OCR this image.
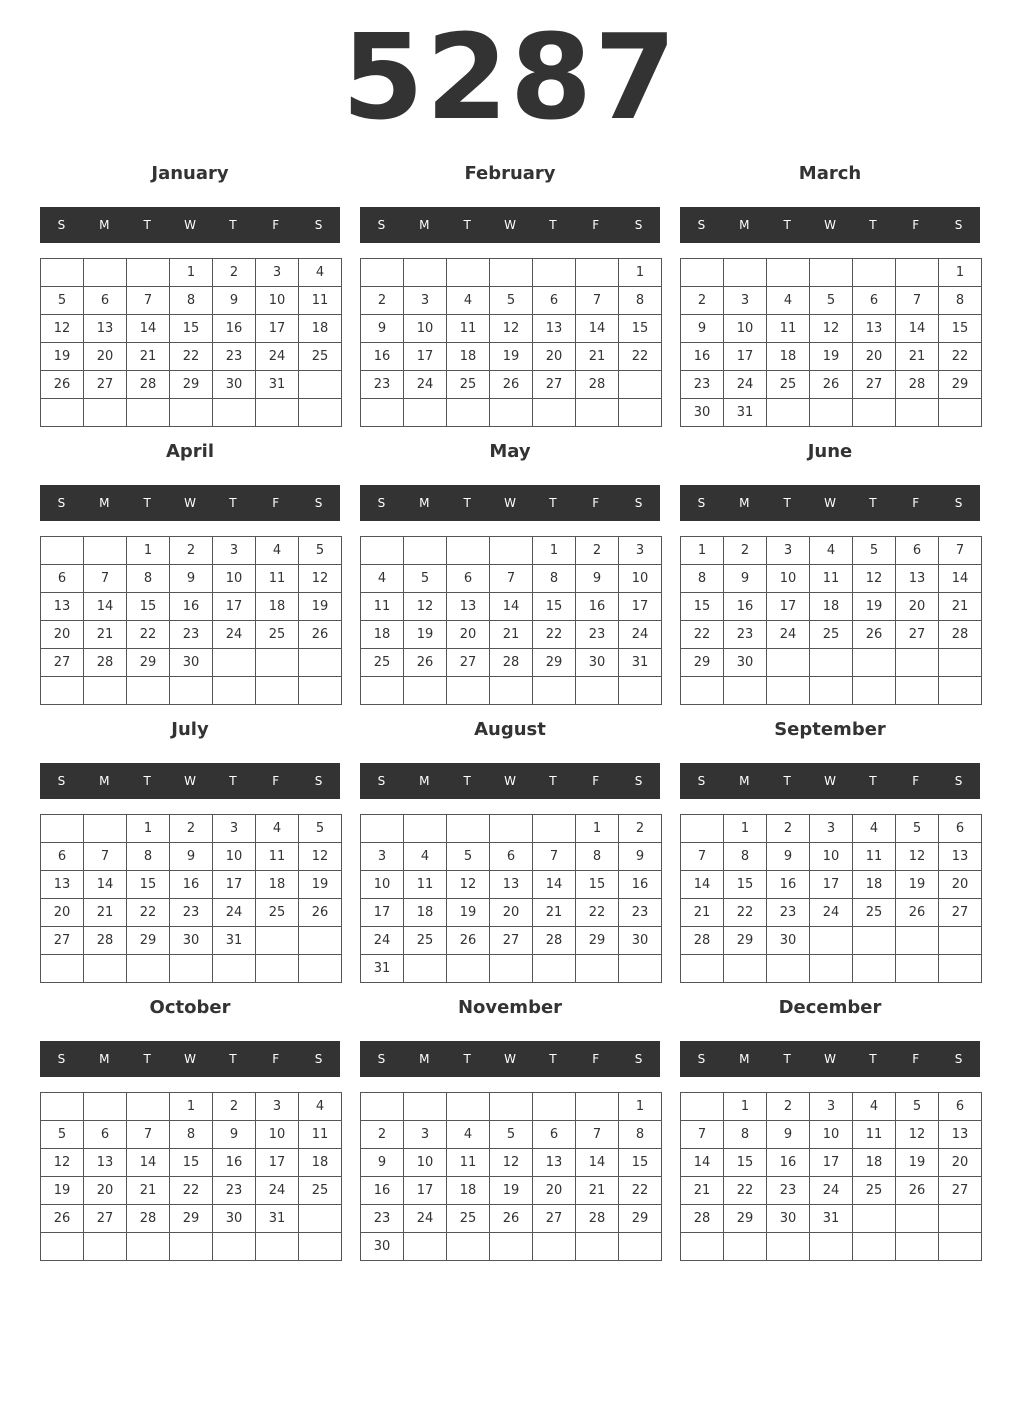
5287
January
S	M	T	W	T	F	S
			1	2	3	4
5	6	7	8	9	10	11
12	13	14	15	16	17	18
19	20	21	22	23	24	25
26	27	28	29	30	31	

February
S	M	T	W	T	F	S
						1
2	3	4	5	6	7	8
9	10	11	12	13	14	15
16	17	18	19	20	21	22
23	24	25	26	27	28	

March
S	M	T	W	T	F	S
						1
2	3	4	5	6	7	8
9	10	11	12	13	14	15
16	17	18	19	20	21	22
23	24	25	26	27	28	29
30	31					
April
S	M	T	W	T	F	S
		1	2	3	4	5
6	7	8	9	10	11	12
13	14	15	16	17	18	19
20	21	22	23	24	25	26
27	28	29	30			

May
S	M	T	W	T	F	S
				1	2	3
4	5	6	7	8	9	10
11	12	13	14	15	16	17
18	19	20	21	22	23	24
25	26	27	28	29	30	31

June
S	M	T	W	T	F	S
1	2	3	4	5	6	7
8	9	10	11	12	13	14
15	16	17	18	19	20	21
22	23	24	25	26	27	28
29	30					

July
S	M	T	W	T	F	S
		1	2	3	4	5
6	7	8	9	10	11	12
13	14	15	16	17	18	19
20	21	22	23	24	25	26
27	28	29	30	31		

August
S	M	T	W	T	F	S
					1	2
3	4	5	6	7	8	9
10	11	12	13	14	15	16
17	18	19	20	21	22	23
24	25	26	27	28	29	30
31						
September
S	M	T	W	T	F	S
	1	2	3	4	5	6
7	8	9	10	11	12	13
14	15	16	17	18	19	20
21	22	23	24	25	26	27
28	29	30				

October
S	M	T	W	T	F	S
			1	2	3	4
5	6	7	8	9	10	11
12	13	14	15	16	17	18
19	20	21	22	23	24	25
26	27	28	29	30	31	

November
S	M	T	W	T	F	S
						1
2	3	4	5	6	7	8
9	10	11	12	13	14	15
16	17	18	19	20	21	22
23	24	25	26	27	28	29
30						
December
S	M	T	W	T	F	S
	1	2	3	4	5	6
7	8	9	10	11	12	13
14	15	16	17	18	19	20
21	22	23	24	25	26	27
28	29	30	31			
